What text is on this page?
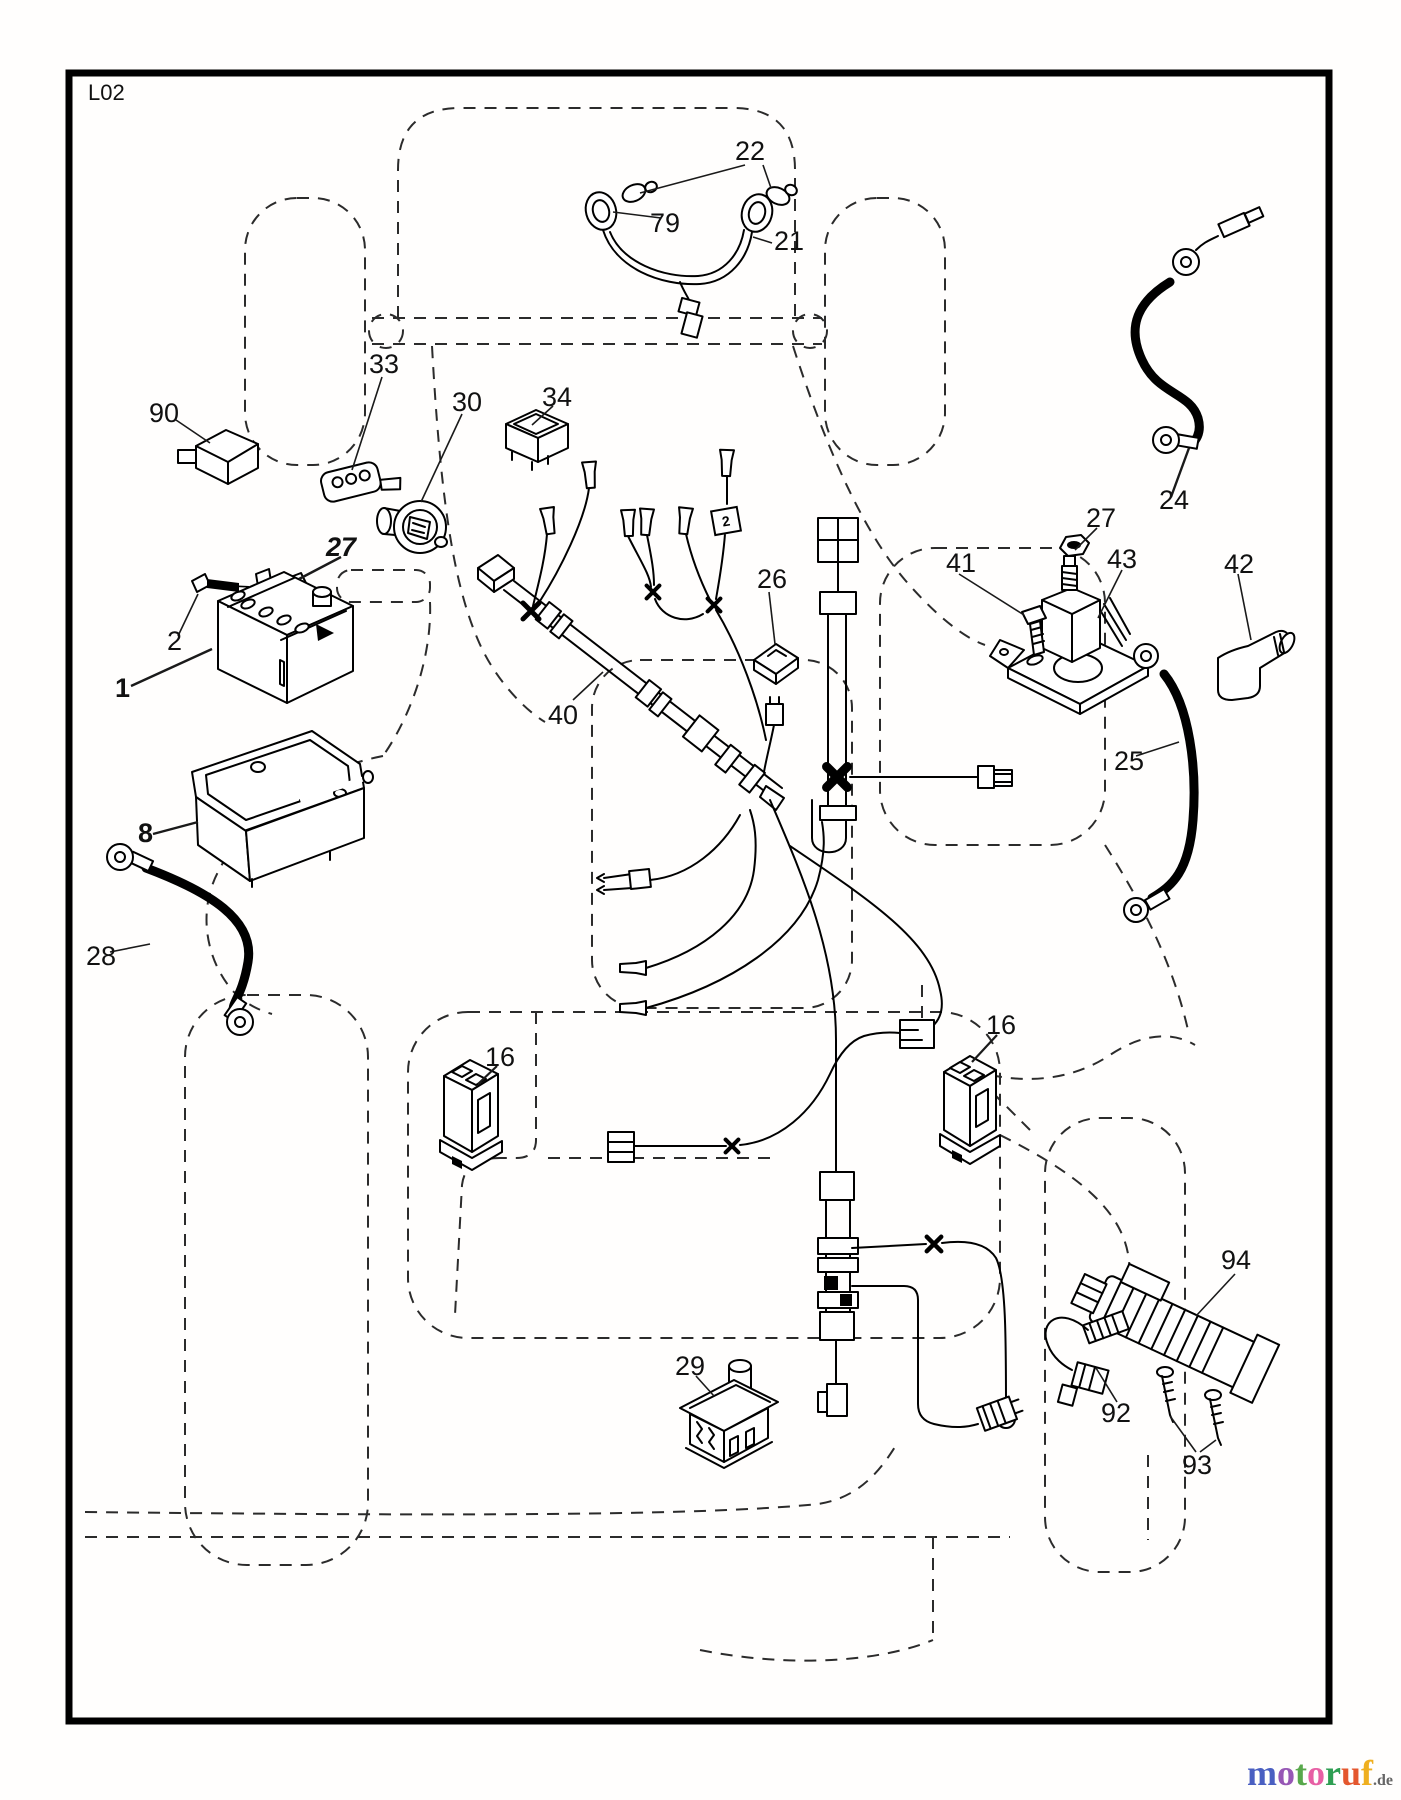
L02
22
79
21
33
30 34
90
27
2
1
26
40
41
27
43	42
24
25
8
28
16
16
29
94
92
93
2
motoruf.de
